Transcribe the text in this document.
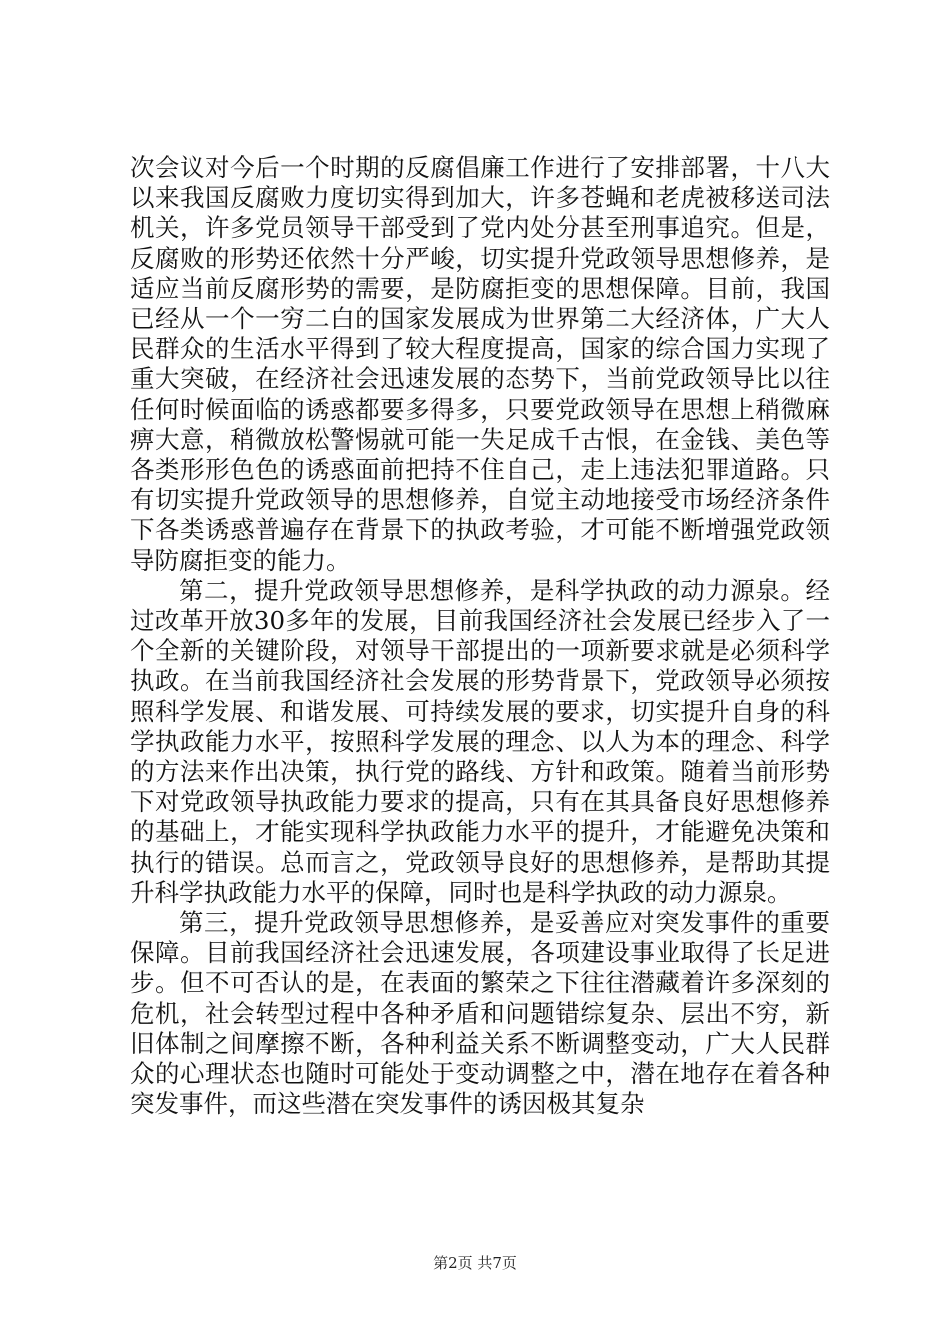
次会议对今后一个时期的反腐倡廉工作进行了安排部署，十八大以来我国反腐败力度切实得到加大，许多苍蝇和老虎被移送司法机关，许多党员领导干部受到了党内处分甚至刑事追究。但是，反腐败的形势还依然十分严峻，切实提升党政领导思想修养，是适应当前反腐形势的需要，是防腐拒变的思想保障。目前，我国已经从一个一穷二白的国家发展成为世界第二大经济体，广大人民群众的生活水平得到了较大程度提高，国家的综合国力实现了重大突破，在经济社会迅速发展的态势下，当前党政领导比以往任何时候面临的诱惑都要多得多，只要党政领导在思想上稍微麻痹大意，稍微放松警惕就可能一失足成千古恨，在金钱、美色等各类形形色色的诱惑面前把持不住自己，走上违法犯罪道路。只有切实提升党政领导的思想修养，自觉主动地接受市场经济条件下各类诱惑普遍存在背景下的执政考验，才可能不断增强党政领导防腐拒变的能力。

第二，提升党政领导思想修养，是科学执政的动力源泉。经过改革开放30多年的发展，目前我国经济社会发展已经步入了一个全新的关键阶段，对领导干部提出的一项新要求就是必须科学执政。在当前我国经济社会发展的形势背景下，党政领导必须按照科学发展、和谐发展、可持续发展的要求，切实提升自身的科学执政能力水平，按照科学发展的理念、以人为本的理念、科学的方法来作出决策，执行党的路线、方针和政策。随着当前形势下对党政领导执政能力要求的提高，只有在其具备良好思想修养的基础上，才能实现科学执政能力水平的提升，才能避免决策和执行的错误。总而言之，党政领导良好的思想修养，是帮助其提升科学执政能力水平的保障，同时也是科学执政的动力源泉。

第三，提升党政领导思想修养，是妥善应对突发事件的重要保障。目前我国经济社会迅速发展，各项建设事业取得了长足进步。但不可否认的是，在表面的繁荣之下往往潜藏着许多深刻的危机，社会转型过程中各种矛盾和问题错综复杂、层出不穷，新旧体制之间摩擦不断，各种利益关系不断调整变动，广大人民群众的心理状态也随时可能处于变动调整之中，潜在地存在着各种突发事件，而这些潜在突发事件的诱因极其复杂

第2页 共7页
